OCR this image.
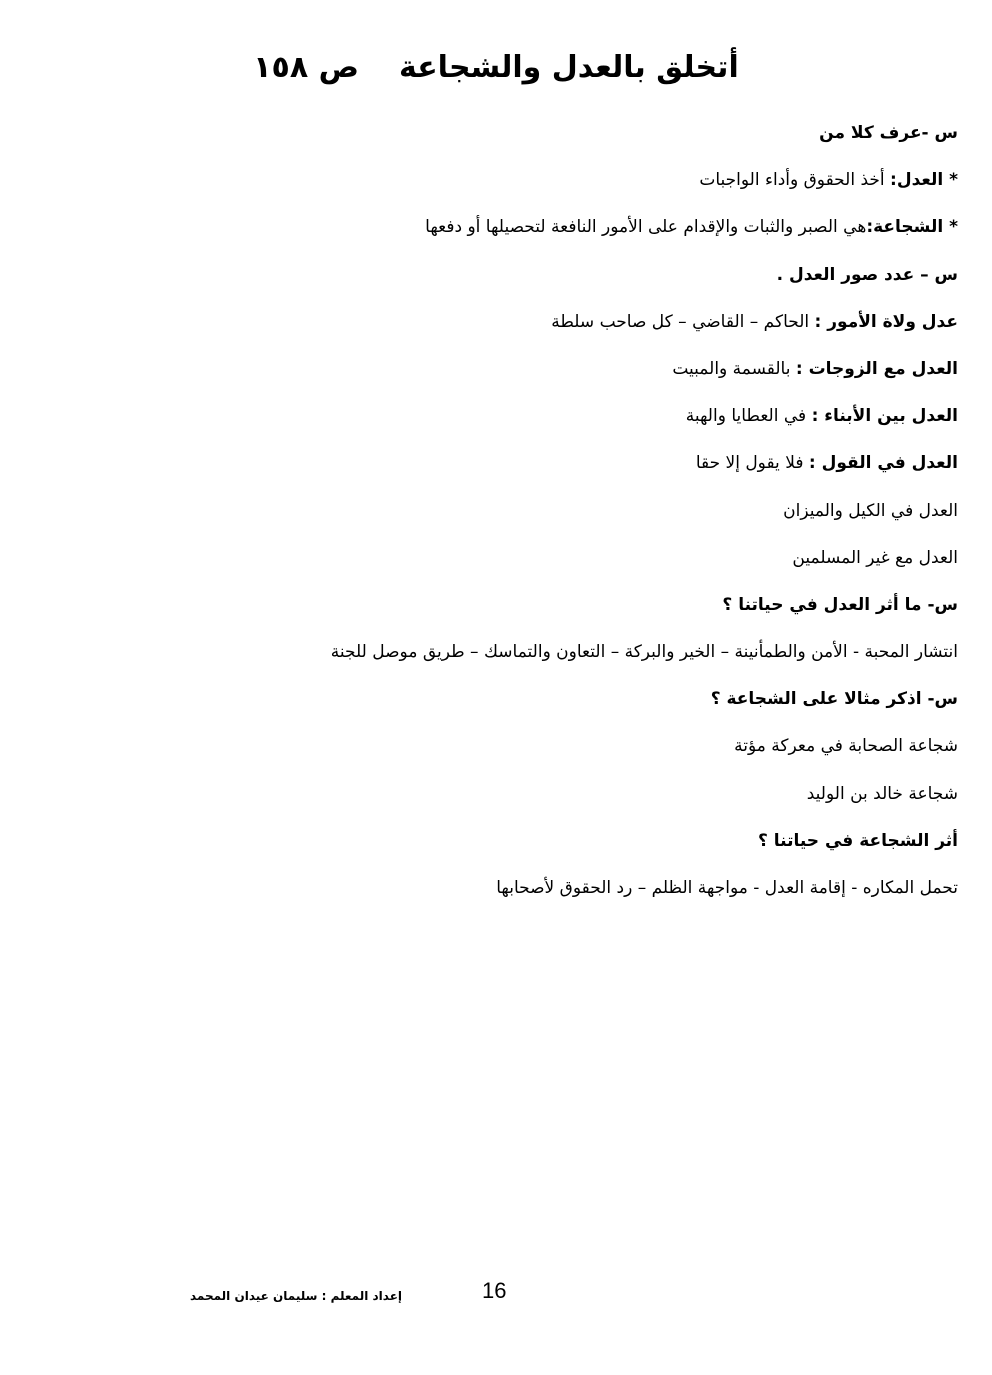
أتخلق بالعدل والشجاعةص ١٥٨
س -عرف كلا من
* العدل: أخذ الحقوق وأداء الواجبات
* الشجاعة:هي الصبر والثبات والإقدام على الأمور النافعة لتحصيلها أو دفعها
س – عدد صور العدل .
عدل ولاة الأمور : الحاكم – القاضي – كل صاحب سلطة
العدل مع الزوجات : بالقسمة والمبيت
العدل بين الأبناء : في العطايا والهبة
العدل في القول : فلا يقول إلا حقا
العدل في الكيل والميزان
العدل مع غير المسلمين
س- ما أثر العدل في حياتنا ؟
انتشار المحبة - الأمن والطمأنينة – الخير والبركة – التعاون والتماسك – طريق موصل للجنة
س- اذكر مثالا على الشجاعة ؟
شجاعة الصحابة في معركة مؤتة
شجاعة خالد بن الوليد
أثر الشجاعة في حياتنا ؟
تحمل المكاره - إقامة العدل - مواجهة الظلم – رد الحقوق لأصحابها
إعداد المعلم : سليمان عيدان المحمد	16
